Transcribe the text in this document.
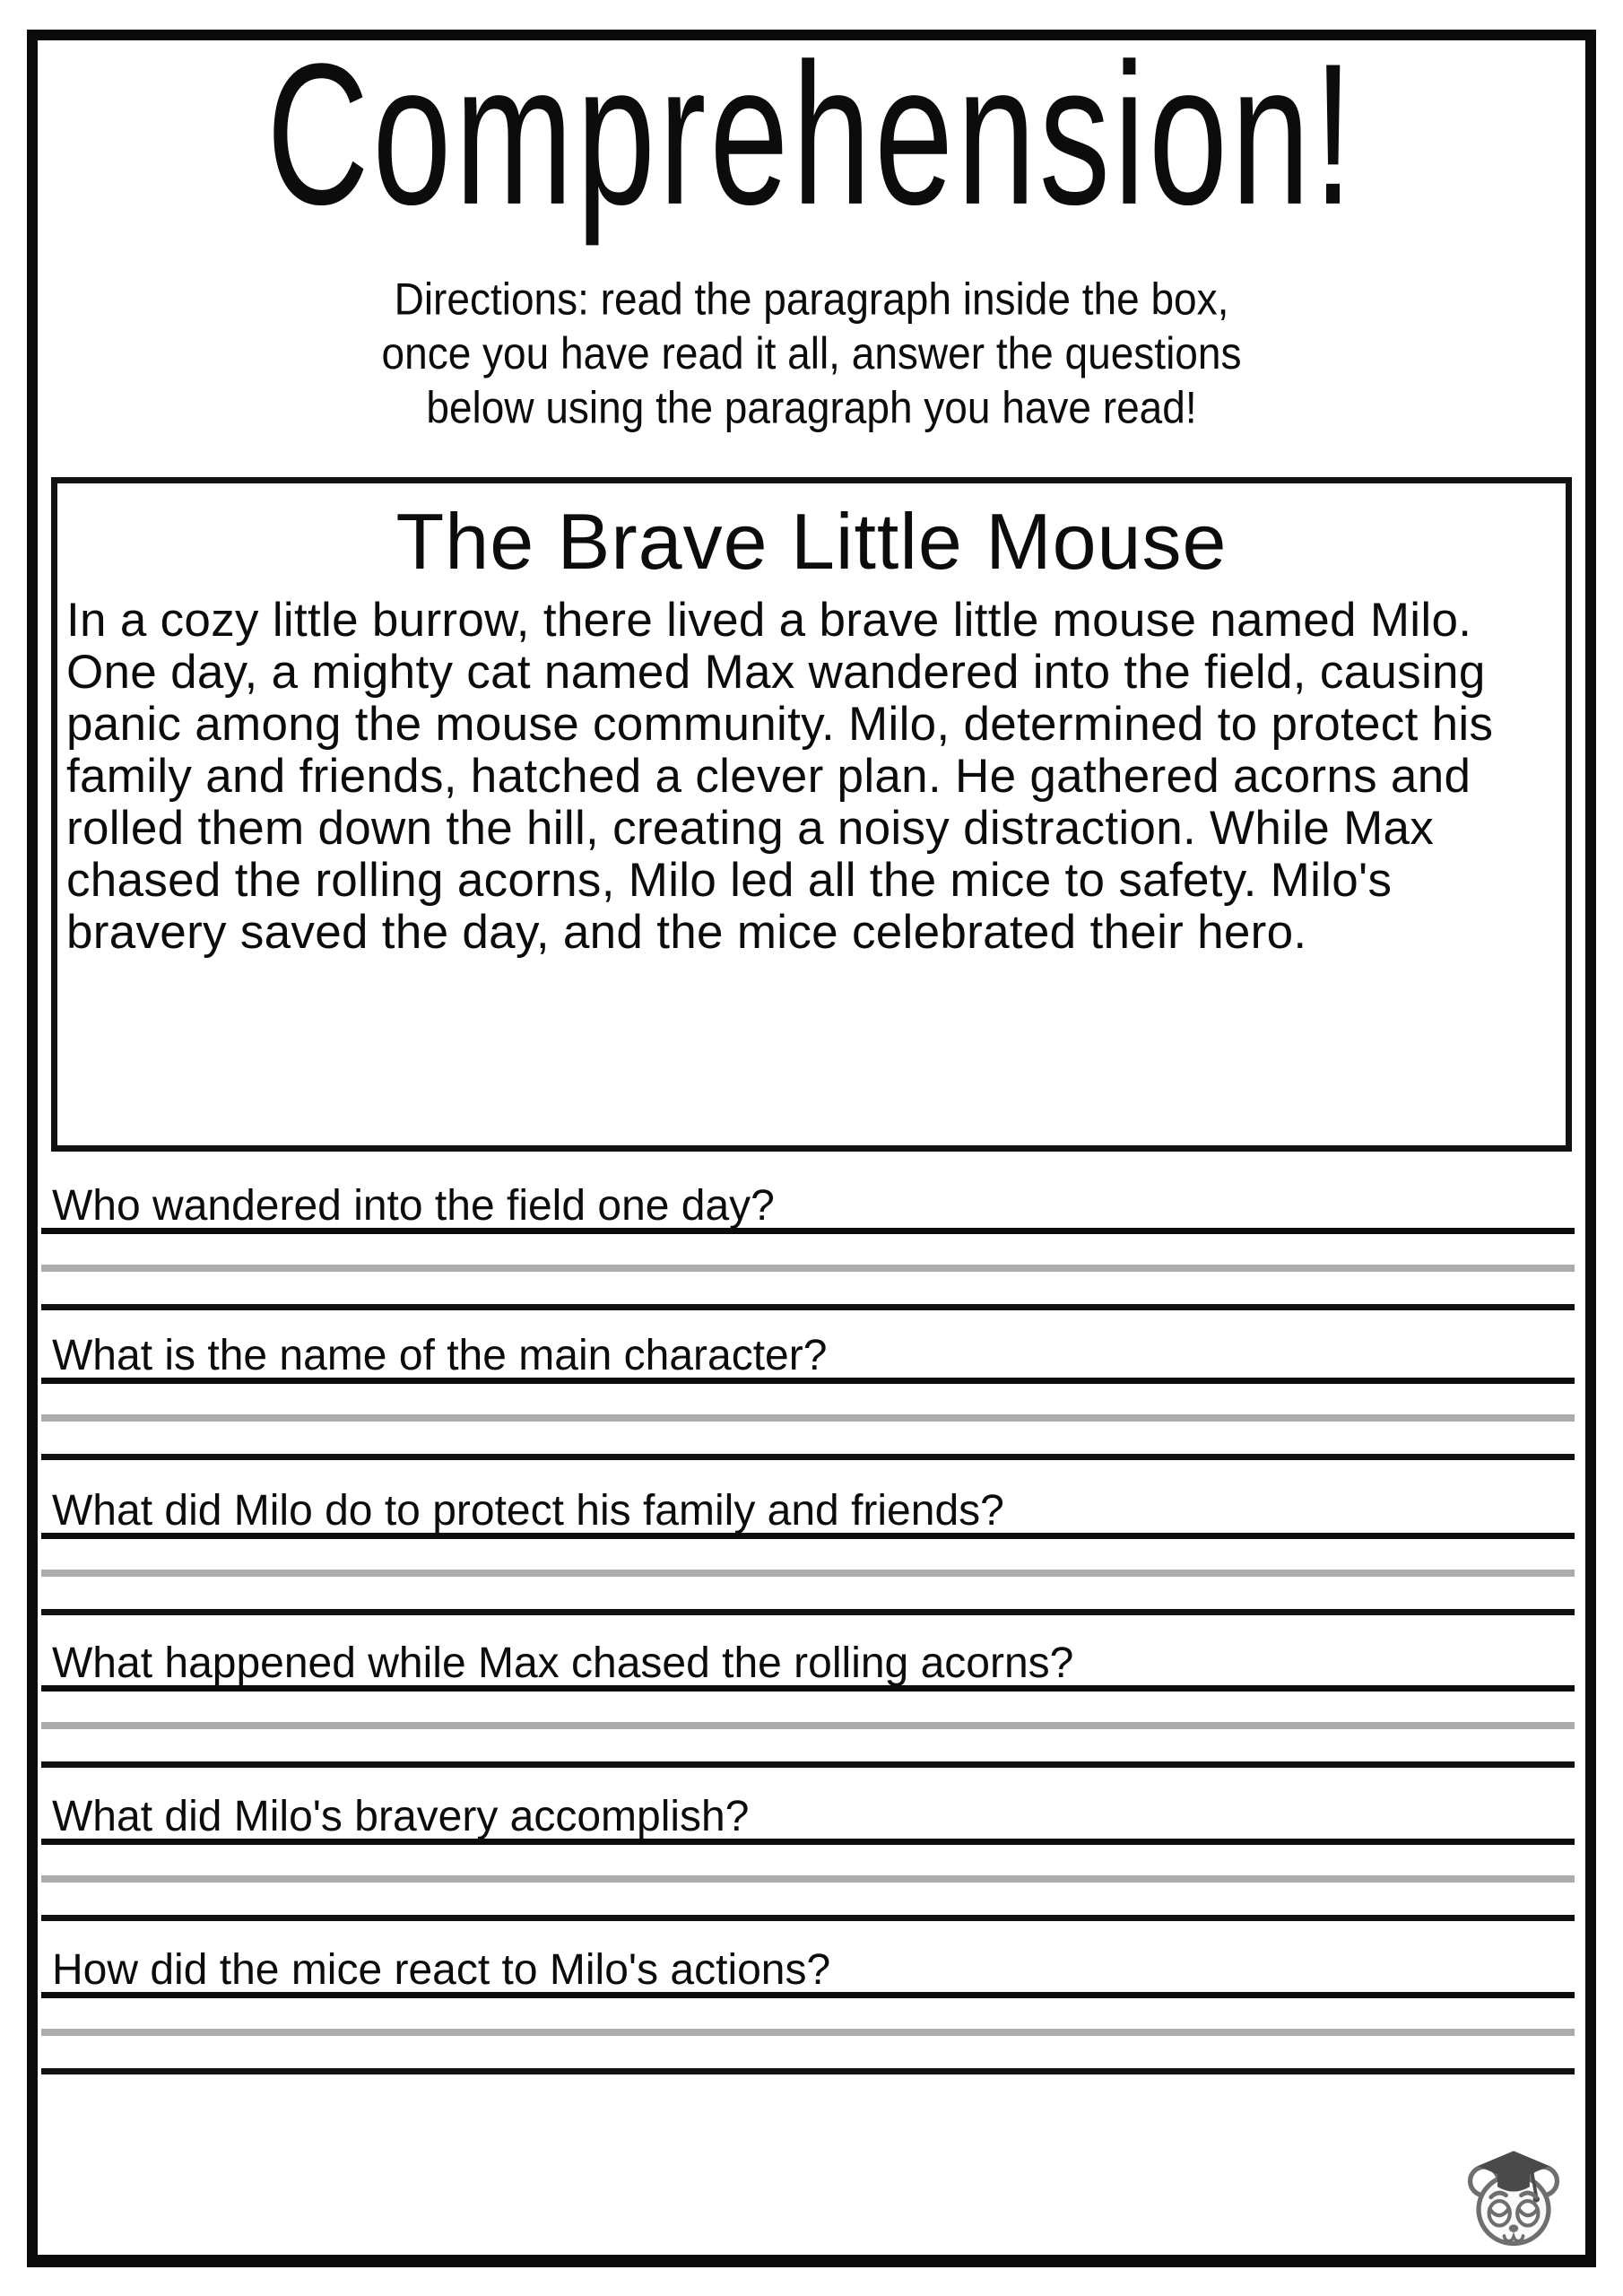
Comprehension!
Directions: read the paragraph inside the box,
once you have read it all, answer the questions
below using the paragraph you have read!
The Brave Little Mouse

In a cozy little burrow, there lived a brave little mouse named Milo. One day, a mighty cat named Max wandered into the field, causing panic among the mouse community. Milo, determined to protect his family and friends, hatched a clever plan. He gathered acorns and rolled them down the hill, creating a noisy distraction. While Max chased the rolling acorns, Milo led all the mice to safety. Milo's bravery saved the day, and the mice celebrated their hero.

Who wandered into the field one day?
What is the name of the main character?
What did Milo do to protect his family and friends?
What happened while Max chased the rolling acorns?
What did Milo's bravery accomplish?
How did the mice react to Milo's actions?
